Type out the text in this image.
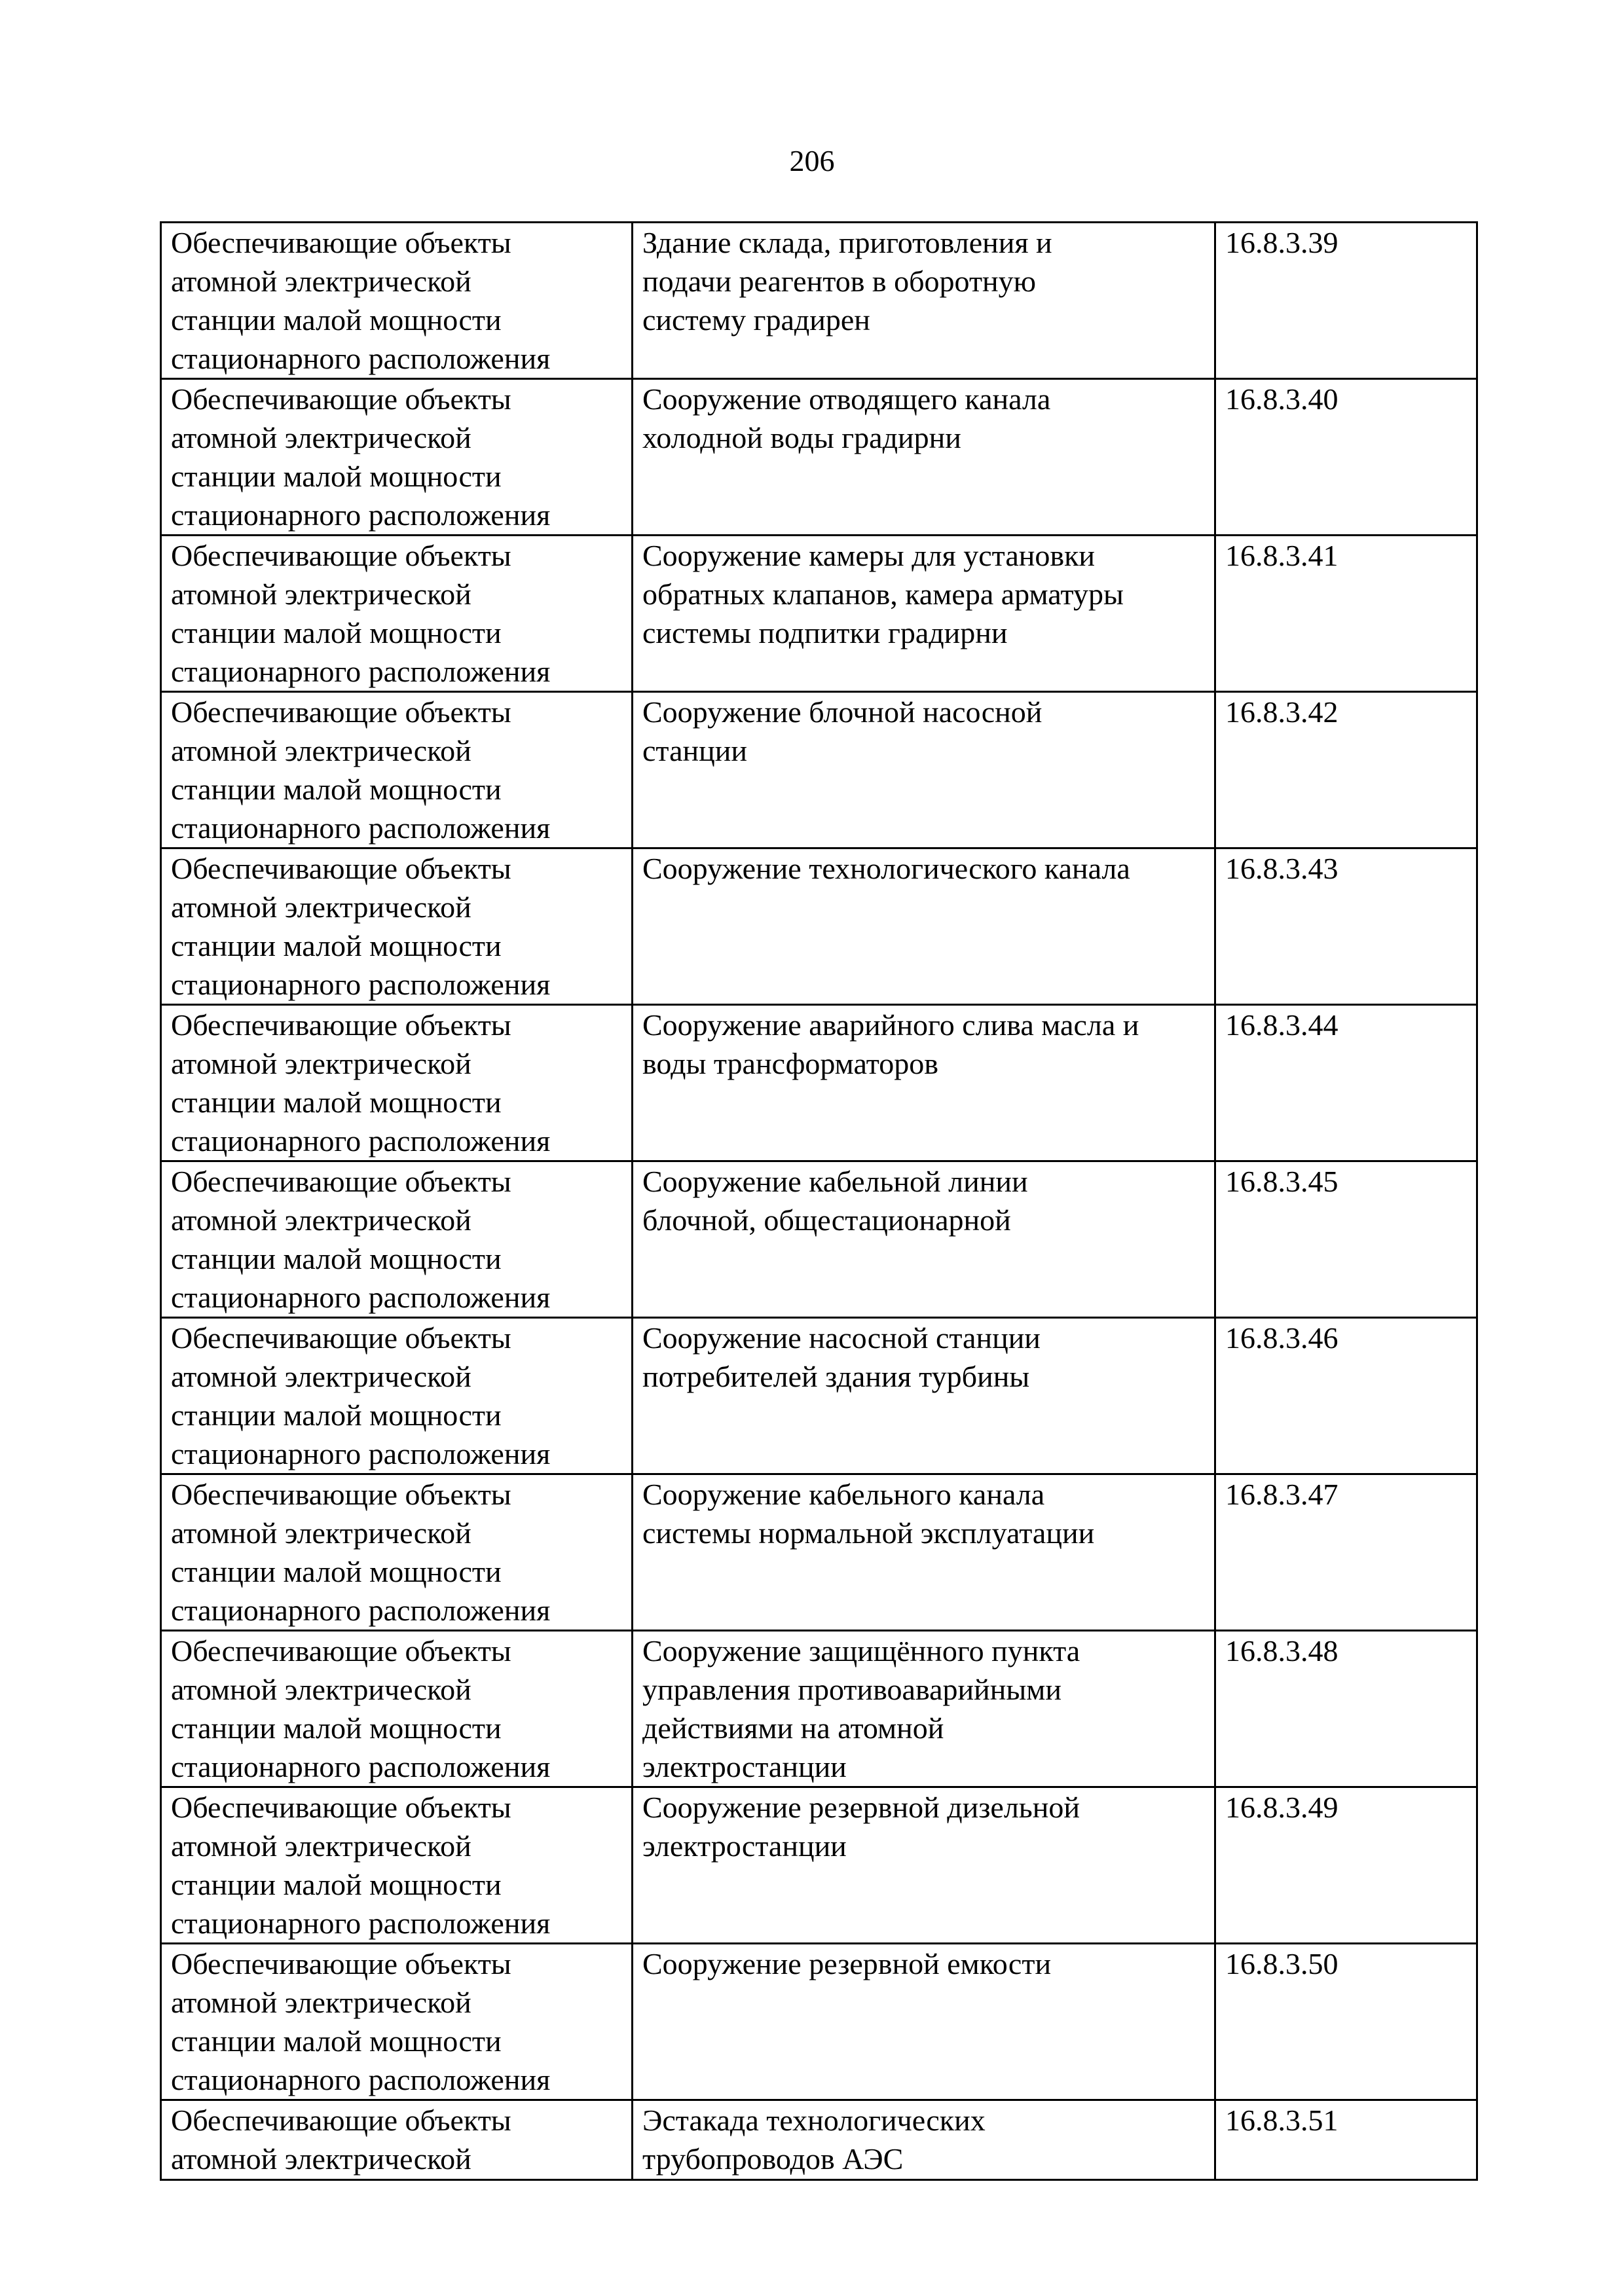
206
Обеспечивающие объекты
атомной электрической
станции малой мощности
стационарного расположения	Здание склада, приготовления и
подачи реагентов в оборотную
систему градирен	16.8.3.39
Обеспечивающие объекты
атомной электрической
станции малой мощности
стационарного расположения	Сооружение отводящего канала
холодной воды градирни	16.8.3.40
Обеспечивающие объекты
атомной электрической
станции малой мощности
стационарного расположения	Сооружение камеры для установки
обратных клапанов, камера арматуры
системы подпитки градирни	16.8.3.41
Обеспечивающие объекты
атомной электрической
станции малой мощности
стационарного расположения	Сооружение блочной насосной
станции	16.8.3.42
Обеспечивающие объекты
атомной электрической
станции малой мощности
стационарного расположения	Сооружение технологического канала	16.8.3.43
Обеспечивающие объекты
атомной электрической
станции малой мощности
стационарного расположения	Сооружение аварийного слива масла и
воды трансформаторов	16.8.3.44
Обеспечивающие объекты
атомной электрической
станции малой мощности
стационарного расположения	Сооружение кабельной линии
блочной, общестационарной	16.8.3.45
Обеспечивающие объекты
атомной электрической
станции малой мощности
стационарного расположения	Сооружение насосной станции
потребителей здания турбины	16.8.3.46
Обеспечивающие объекты
атомной электрической
станции малой мощности
стационарного расположения	Сооружение кабельного канала
системы нормальной эксплуатации	16.8.3.47
Обеспечивающие объекты
атомной электрической
станции малой мощности
стационарного расположения	Сооружение защищённого пункта
управления противоаварийными
действиями на атомной
электростанции	16.8.3.48
Обеспечивающие объекты
атомной электрической
станции малой мощности
стационарного расположения	Сооружение резервной дизельной
электростанции	16.8.3.49
Обеспечивающие объекты
атомной электрической
станции малой мощности
стационарного расположения	Сооружение резервной емкости	16.8.3.50
Обеспечивающие объекты
атомной электрической	Эстакада технологических
трубопроводов АЭС	16.8.3.51
